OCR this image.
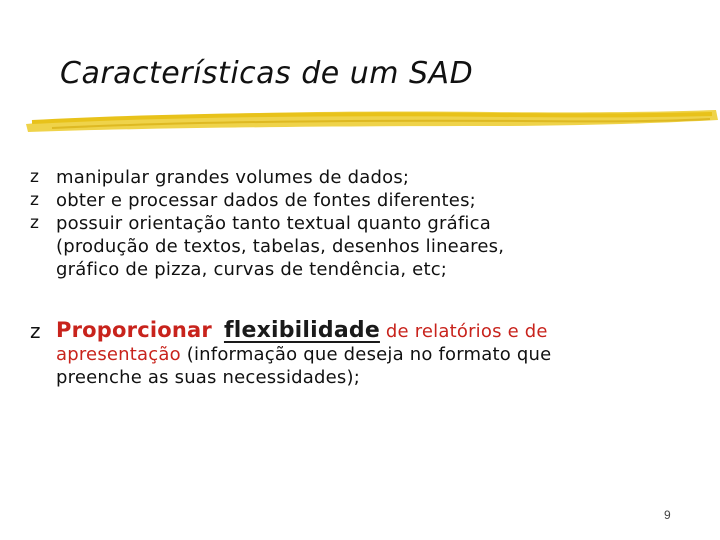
Características de um SAD
z manipular grandes volumes de dados;
z obter e processar dados de fontes diferentes;
z possuir orientação tanto textual quanto gráfica
(produção de textos, tabelas, desenhos lineares,
gráfico de pizza, curvas de tendência, etc;
z Proporcionar flexibilidade de relatórios e de
apresentação (informação que deseja no formato que
preenche as suas necessidades);
9
